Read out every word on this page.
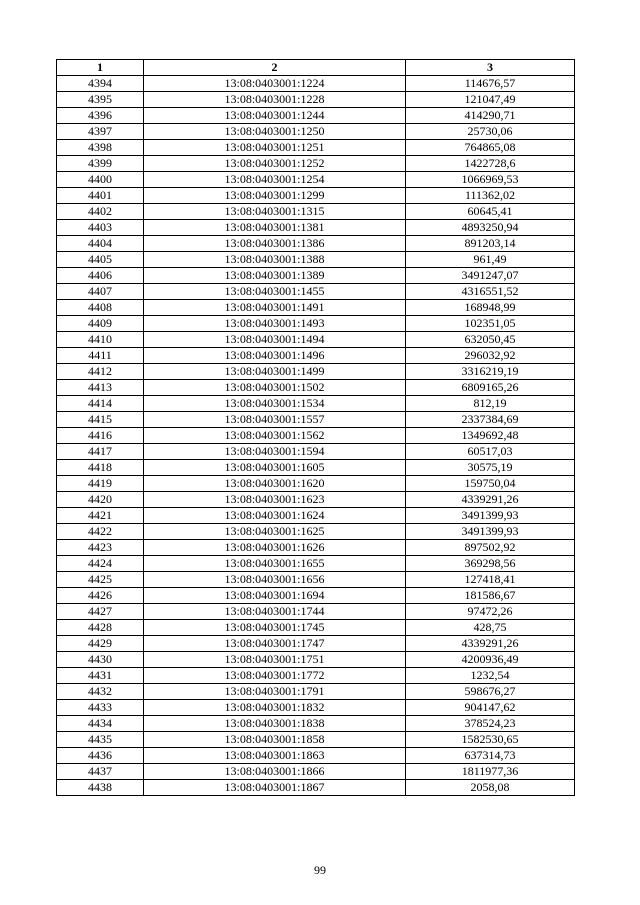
1	2	3
4394	13:08:0403001:1224	114676,57
4395	13:08:0403001:1228	121047,49
4396	13:08:0403001:1244	414290,71
4397	13:08:0403001:1250	25730,06
4398	13:08:0403001:1251	764865,08
4399	13:08:0403001:1252	1422728,6
4400	13:08:0403001:1254	1066969,53
4401	13:08:0403001:1299	111362,02
4402	13:08:0403001:1315	60645,41
4403	13:08:0403001:1381	4893250,94
4404	13:08:0403001:1386	891203,14
4405	13:08:0403001:1388	961,49
4406	13:08:0403001:1389	3491247,07
4407	13:08:0403001:1455	4316551,52
4408	13:08:0403001:1491	168948,99
4409	13:08:0403001:1493	102351,05
4410	13:08:0403001:1494	632050,45
4411	13:08:0403001:1496	296032,92
4412	13:08:0403001:1499	3316219,19
4413	13:08:0403001:1502	6809165,26
4414	13:08:0403001:1534	812,19
4415	13:08:0403001:1557	2337384,69
4416	13:08:0403001:1562	1349692,48
4417	13:08:0403001:1594	60517,03
4418	13:08:0403001:1605	30575,19
4419	13:08:0403001:1620	159750,04
4420	13:08:0403001:1623	4339291,26
4421	13:08:0403001:1624	3491399,93
4422	13:08:0403001:1625	3491399,93
4423	13:08:0403001:1626	897502,92
4424	13:08:0403001:1655	369298,56
4425	13:08:0403001:1656	127418,41
4426	13:08:0403001:1694	181586,67
4427	13:08:0403001:1744	97472,26
4428	13:08:0403001:1745	428,75
4429	13:08:0403001:1747	4339291,26
4430	13:08:0403001:1751	4200936,49
4431	13:08:0403001:1772	1232,54
4432	13:08:0403001:1791	598676,27
4433	13:08:0403001:1832	904147,62
4434	13:08:0403001:1838	378524,23
4435	13:08:0403001:1858	1582530,65
4436	13:08:0403001:1863	637314,73
4437	13:08:0403001:1866	1811977,36
4438	13:08:0403001:1867	2058,08
99
